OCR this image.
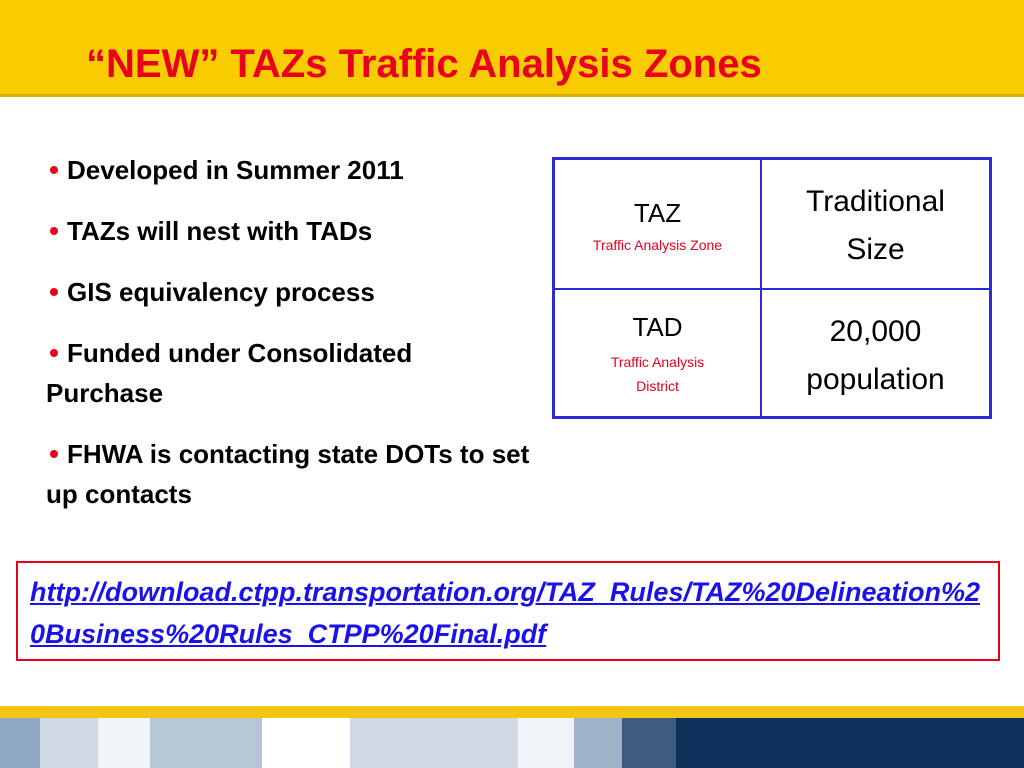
“NEW” TAZs Traffic Analysis Zones
Developed in Summer 2011
TAZs will nest with TADs
GIS equivalency process
Funded under Consolidated Purchase
FHWA is contacting state DOTs to set up contacts
TAZ
Traffic Analysis Zone
Traditional Size
TAD
Traffic Analysis District
20,000 population
http://download.ctpp.transportation.org/TAZ_Rules/TAZ%20Delineation%20Business%20Rules_CTPP%20Final.pdf
